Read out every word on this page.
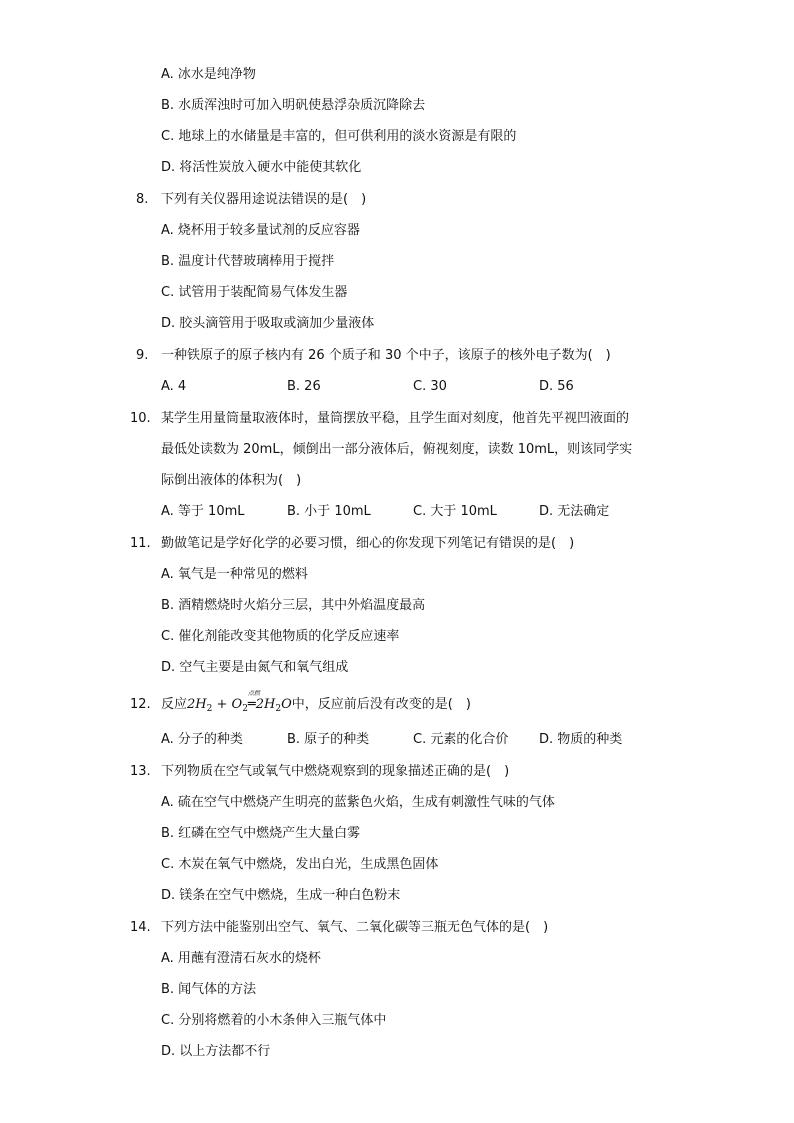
A. 冰水是纯净物
B. 水质浑浊时可加入明矾使悬浮杂质沉降除去
C. 地球上的水储量是丰富的，但可供利用的淡水资源是有限的
D. 将活性炭放入硬水中能使其软化
8. 下列有关仪器用途说法错误的是(　)
A. 烧杯用于较多量试剂的反应容器
B. 温度计代替玻璃棒用于搅拌
C. 试管用于装配简易气体发生器
D. 胶头滴管用于吸取或滴加少量液体
9. 一种铁原子的原子核内有 26 个质子和 30 个中子，该原子的核外电子数为(　)
A. 4	B. 26	C. 30	D. 56
10. 某学生用量筒量取液体时，量筒摆放平稳，且学生面对刻度，他首先平视凹液面的
最低处读数为 20mL，倾倒出一部分液体后，俯视刻度，读数 10mL，则该同学实
际倒出液体的体积为(　)
A. 等于 10mL	B. 小于 10mL	C. 大于 10mL	D. 无法确定
11. 勤做笔记是学好化学的必要习惯，细心的你发现下列笔记有错误的是(　)
A. 氧气是一种常见的燃料
B. 酒精燃烧时火焰分三层，其中外焰温度最高
C. 催化剂能改变其他物质的化学反应速率
D. 空气主要是由氮气和氧气组成
12. 反应$2H_2 + O_2$
点燃
$═2H_2O$中，反应前后没有改变的是(　)
A. 分子的种类	B. 原子的种类	C. 元素的化合价 D. 物质的种类
13. 下列物质在空气或氧气中燃烧观察到的现象描述正确的是(　)
A. 硫在空气中燃烧产生明亮的蓝紫色火焰，生成有刺激性气味的气体
B. 红磷在空气中燃烧产生大量白雾
C. 木炭在氧气中燃烧，发出白光，生成黑色固体
D. 镁条在空气中燃烧，生成一种白色粉末
14. 下列方法中能鉴别出空气、氧气、二氧化碳等三瓶无色气体的是(　)
A. 用蘸有澄清石灰水的烧杯
B. 闻气体的方法
C. 分别将燃着的小木条伸入三瓶气体中
D. 以上方法都不行
